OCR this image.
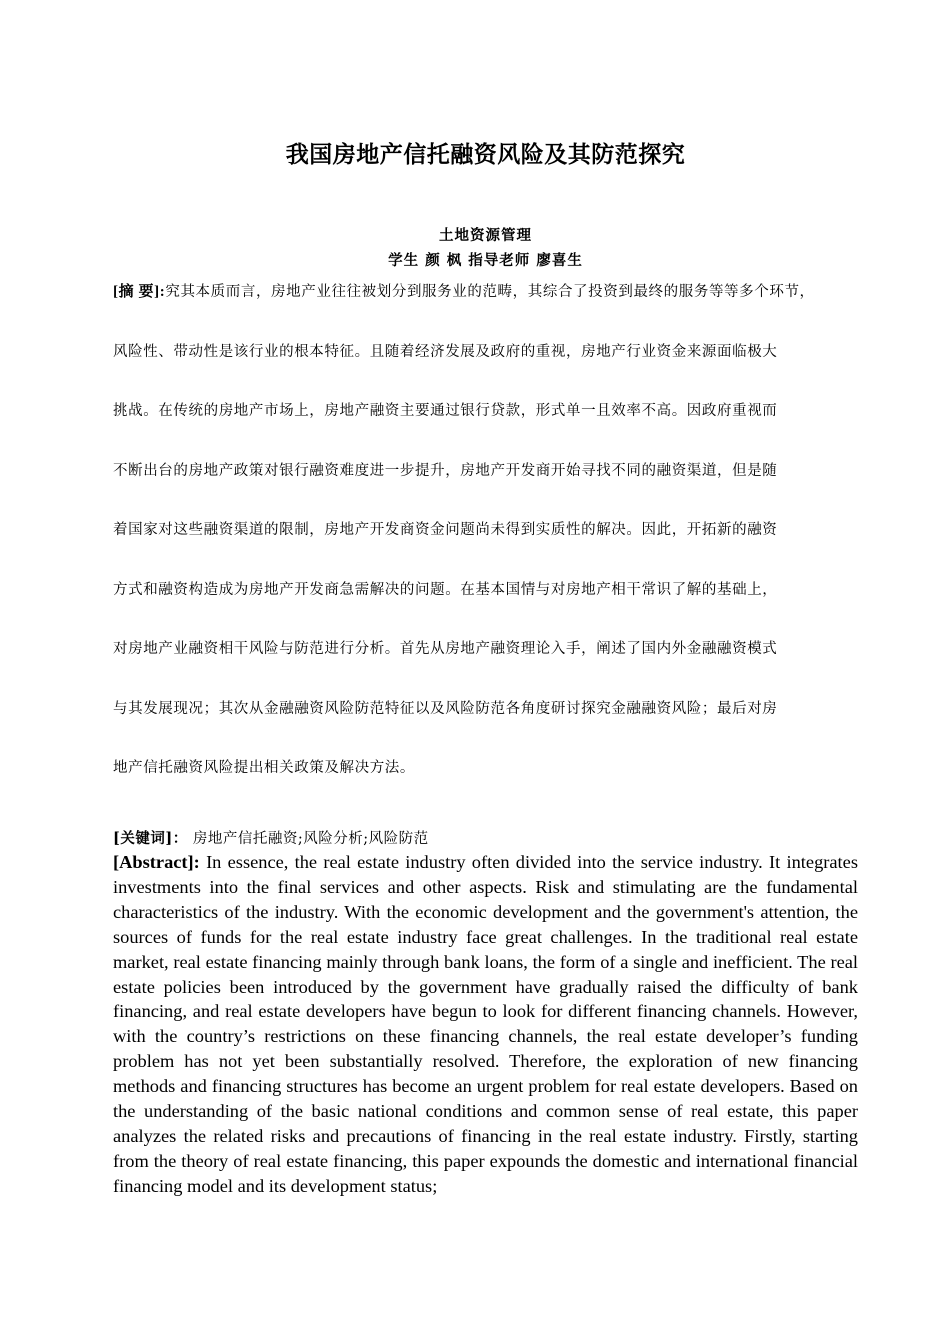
我国房地产信托融资风险及其防范探究
土地资源管理
学生 颜 枫 指导老师 廖喜生
[摘 要]:究其本质而言，房地产业往往被划分到服务业的范畴，其综合了投资到最终的服务等等多个环节，
风险性、带动性是该行业的根本特征。且随着经济发展及政府的重视，房地产行业资金来源面临极大
挑战。在传统的房地产市场上，房地产融资主要通过银行贷款，形式单一且效率不高。因政府重视而
不断出台的房地产政策对银行融资难度进一步提升，房地产开发商开始寻找不同的融资渠道，但是随
着国家对这些融资渠道的限制，房地产开发商资金问题尚未得到实质性的解决。因此，开拓新的融资
方式和融资构造成为房地产开发商急需解决的问题。在基本国情与对房地产相干常识了解的基础上，
对房地产业融资相干风险与防范进行分析。首先从房地产融资理论入手，阐述了国内外金融融资模式
与其发展现况；其次从金融融资风险防范特征以及风险防范各角度研讨探究金融融资风险；最后对房
地产信托融资风险提出相关政策及解决方法。
[关键词]： 房地产信托融资;风险分析;风险防范
[Abstract]: In essence, the real estate industry often divided into the service industry. It integrates investments into the final services and other aspects. Risk and stimulating are the fundamental characteristics of the industry. With the economic development and the government's attention, the sources of funds for the real estate industry face great challenges. In the traditional real estate market, real estate financing mainly through bank loans, the form of a single and inefficient. The real estate policies been introduced by the government have gradually raised the difficulty of bank financing, and real estate developers have begun to look for different financing channels. However, with the country’s restrictions on these financing channels, the real estate developer’s funding problem has not yet been substantially resolved. Therefore, the exploration of new financing methods and financing structures has become an urgent problem for real estate developers. Based on the understanding of the basic national conditions and common sense of real estate, this paper analyzes the related risks and precautions of financing in the real estate industry. Firstly, starting from the theory of real estate financing, this paper expounds the domestic and international financial financing model and its development status;
